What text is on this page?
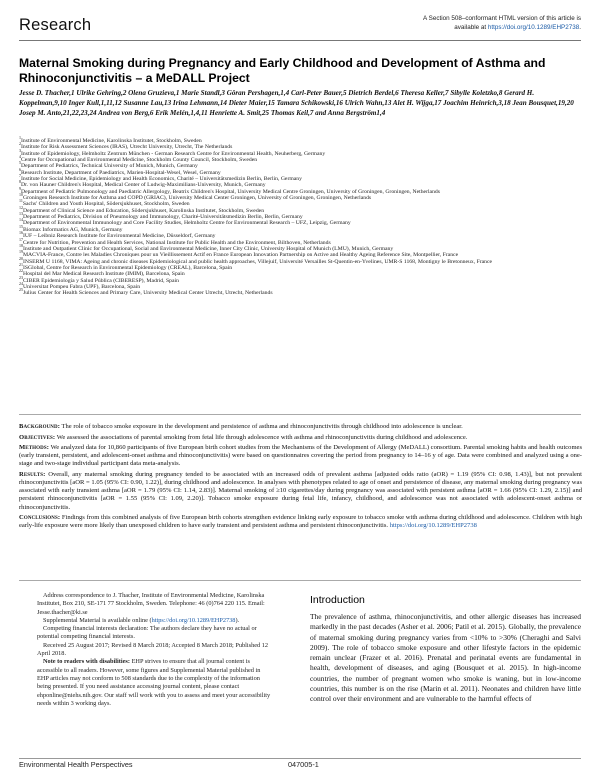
Research	A Section 508–conformant HTML version of this article is available at https://doi.org/10.1289/EHP2738.
Maternal Smoking during Pregnancy and Early Childhood and Development of Asthma and Rhinoconjunctivitis – a MeDALL Project
Jesse D. Thacher,1 Ulrike Gehring,2 Olena Gruzieva,1 Marie Standl,3 Göran Pershagen,1,4 Carl-Peter Bauer,5 Dietrich Berdel,6 Theresa Keller,7 Sibylle Koletzko,8 Gerard H. Koppelman,9,10 Inger Kull,1,11,12 Susanne Lau,13 Irina Lehmann,14 Dieter Maier,15 Tamara Schikowski,16 Ulrich Wahn,13 Alet H. Wijga,17 Joachim Heinrich,3,18 Jean Bousquet,19,20 Josep M. Anto,21,22,23,24 Andrea von Berg,6 Erik Melén,1,4,11 Henriette A. Smit,25 Thomas Keil,7 and Anna Bergström1,4
$^1$Institute of Environmental Medicine, Karolinska Institutet, Stockholm, Sweden
$^2$Institute for Risk Assessment Sciences (IRAS), Utrecht University, Utrecht, The Netherlands
$^3$Institute of Epidemiology, Helmholtz Zentrum München - German Research Centre for Environmental Health, Neuherberg, Germany
$^4$Centre for Occupational and Environmental Medicine, Stockholm County Council, Stockholm, Sweden
$^5$Department of Pediatrics, Technical University of Munich, Munich, Germany
$^6$Research Institute, Department of Paediatrics, Marien-Hospital-Wesel, Wesel, Germany
$^7$Institute for Social Medicine, Epidemiology and Health Economics, Charité – Universitätsmedizin Berlin, Berlin, Germany
$^8$Dr. von Hauner Children's Hospital, Medical Center of Ludwig-Maximilians-University, Munich, Germany
$^9$Department of Pediatric Pulmonology and Paediatric Allergology, Beatrix Children's Hospital, University Medical Centre Groningen, University of Groningen, Groningen, Netherlands
$^{10}$Groningen Research Institute for Asthma and COPD (GRIAC), University Medical Center Groningen, University of Groningen, Groningen, Netherlands
$^{11}$Sachs' Children and Youth Hospital, Södersjukhuset, Stockholm, Sweden
$^{12}$Department of Clinical Science and Education, Södersjukhuset, Karolinska Institutet, Stockholm, Sweden
$^{13}$Department of Pediatrics, Division of Pneumology and Immunology, Charité-Universitätsmedizin Berlin, Berlin, Germany
$^{14}$Department of Environmental Immunology and Core Facility Studies, Helmholtz Centre for Environmental Research – UFZ, Leipzig, Germany
$^{15}$Biomax Informatics AG, Munich, Germany
$^{16}$IUF – Leibniz Research Institute for Environmental Medicine, Düsseldorf, Germany
$^{17}$Centre for Nutrition, Prevention and Health Services, National Institute for Public Health and the Environment, Bilthoven, Netherlands
$^{18}$Institute and Outpatient Clinic for Occupational, Social and Environmental Medicine, Inner City Clinic, University Hospital of Munich (LMU), Munich, Germany
$^{19}$MACVIA-France, Contre les Maladies Chroniques pour un Vieillissement Actif en France European Innovation Partnership on Active and Healthy Ageing Reference Site, Montpellier, France
$^{20}$INSERM U 1168, VIMA: Ageing and chronic diseases Epidemiological and public health approaches, Villejuif, Université Versailles St-Quentin-en-Yvelines, UMR-S 1168, Montigny le Bretonneux, France
$^{21}$ISGlobal, Centre for Research in Environmental Epidemiology (CREAL), Barcelona, Spain
$^{22}$Hospital del Mar Medical Research Institute (IMIM), Barcelona, Spain
$^{23}$CIBER Epidemiología y Salud Pública (CIBERESP), Madrid, Spain
$^{24}$Universitat Pompeu Fabra (UPF), Barcelona, Spain
$^{25}$Julius Center for Health Sciences and Primary Care, University Medical Center Utrecht, Utrecht, Netherlands

Background: The role of tobacco smoke exposure in the development and persistence of asthma and rhinoconjunctivitis through childhood into adolescence is unclear.

Objectives: We assessed the associations of parental smoking from fetal life through adolescence with asthma and rhinoconjunctivitis during childhood and adolescence.

Methods: We analyzed data for 10,860 participants of five European birth cohort studies from the Mechanisms of the Development of Allergy (MeDALL) consortium. Parental smoking habits and health outcomes (early transient, persistent, and adolescent-onset asthma and rhinoconjunctivitis) were based on questionnaires covering the period from pregnancy to 14–16 y of age. Data were combined and analyzed using a one-stage and two-stage individual participant data meta-analysis.

Results: Overall, any maternal smoking during pregnancy tended to be associated with an increased odds of prevalent asthma [adjusted odds ratio (aOR) = 1.19 (95% CI: 0.98, 1.43)], but not prevalent rhinoconjunctivitis [aOR = 1.05 (95% CI: 0.90, 1.22)], during childhood and adolescence. In analyses with phenotypes related to age of onset and persistence of disease, any maternal smoking during pregnancy was associated with early transient asthma [aOR = 1.79 (95% CI: 1.14, 2.83)]. Maternal smoking of ≥10 cigarettes/day during pregnancy was associated with persistent asthma [aOR = 1.66 (95% CI: 1.29, 2.15)] and persistent rhinoconjunctivitis [aOR = 1.55 (95% CI: 1.09, 2.20)]. Tobacco smoke exposure during fetal life, infancy, childhood, and adolescence was not associated with adolescent-onset asthma or rhinoconjunctivitis.

Conclusions: Findings from this combined analysis of five European birth cohorts strengthen evidence linking early exposure to tobacco smoke with asthma during childhood and adolescence. Children with high early-life exposure were more likely than unexposed children to have early transient and persistent asthma and persistent rhinoconjunctivitis. https://doi.org/10.1289/EHP2738

Address correspondence to J. Thacher, Institute of Environmental Medicine, Karolinska Institutet, Box 210, SE-171 77 Stockholm, Sweden. Telephone: 46 (0)764 220 115. Email: Jesse.thacher@ki.se

Supplemental Material is available online (https://doi.org/10.1289/EHP2738).

Competing financial interests declaration: The authors declare they have no actual or potential competing financial interests.

Received 25 August 2017; Revised 8 March 2018; Accepted 8 March 2018; Published 12 April 2018.

Note to readers with disabilities: EHP strives to ensure that all journal content is accessible to all readers. However, some figures and Supplemental Material published in EHP articles may not conform to 508 standards due to the complexity of the information being presented. If you need assistance accessing journal content, please contact ehponline@niehs.nih.gov. Our staff will work with you to assess and meet your accessibility needs within 3 working days.

Introduction

The prevalence of asthma, rhinoconjunctivitis, and other allergic diseases has increased markedly in the past decades (Asher et al. 2006; Patil et al. 2015). Globally, the prevalence of maternal smoking during pregnancy varies from <10% to >30% (Cheraghi and Salvi 2009). The role of tobacco smoke exposure and other lifestyle factors in the epidemic remain unclear (Frazer et al. 2016). Prenatal and perinatal events are fundamental in health, development of diseases, and aging (Bousquet et al. 2015). In high-income countries, the number of pregnant women who smoke is waning, but in low-income countries, this number is on the rise (Marin et al. 2011). Neonates and children have little control over their environment and are vulnerable to the harmful effects of

Environmental Health Perspectives	047005-1
